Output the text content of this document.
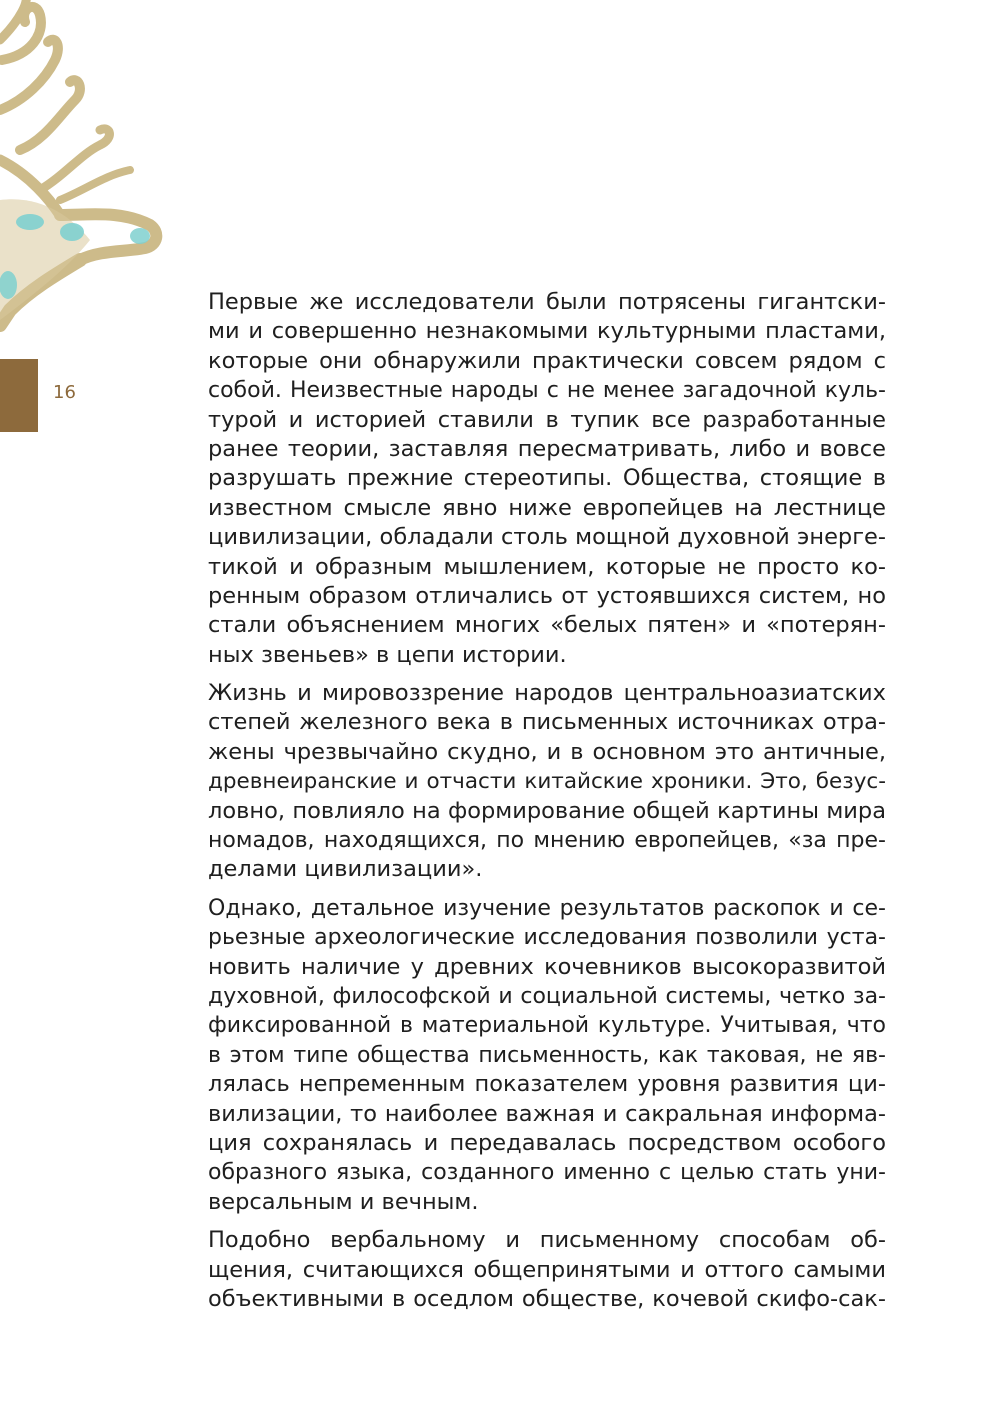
16
Первые же исследователи были потрясены гигантски-
ми и совершенно незнакомыми культурными пластами,
которые они обнаружили практически совсем рядом с
собой. Неизвестные народы с не менее загадочной куль-
турой и историей ставили в тупик все разработанные
ранее теории, заставляя пересматривать, либо и вовсе
разрушать прежние стереотипы. Общества, стоящие в
известном смысле явно ниже европейцев на лестнице
цивилизации, обладали столь мощной духовной энерге-
тикой и образным мышлением, которые не просто ко-
ренным образом отличались от устоявшихся систем, но
стали объяснением многих «белых пятен» и «потерян-
ных звеньев» в цепи истории.
Жизнь и мировоззрение народов центральноазиатских
степей железного века в письменных источниках отра-
жены чрезвычайно скудно, и в основном это античные,
древнеиранские и отчасти китайские хроники. Это, безус-
ловно, повлияло на формирование общей картины мира
номадов, находящихся, по мнению европейцев, «за пре-
делами цивилизации».
Однако, детальное изучение результатов раскопок и се-
рьезные археологические исследования позволили уста-
новить наличие у древних кочевников высокоразвитой
духовной, философской и социальной системы, четко за-
фиксированной в материальной культуре. Учитывая, что
в этом типе общества письменность, как таковая, не яв-
лялась непременным показателем уровня развития ци-
вилизации, то наиболее важная и сакральная информа-
ция сохранялась и передавалась посредством особого
образного языка, созданного именно с целью стать уни-
версальным и вечным.
Подобно вербальному и письменному способам об-
щения, считающихся общепринятыми и оттого самыми
объективными в оседлом обществе, кочевой скифо-сак-
